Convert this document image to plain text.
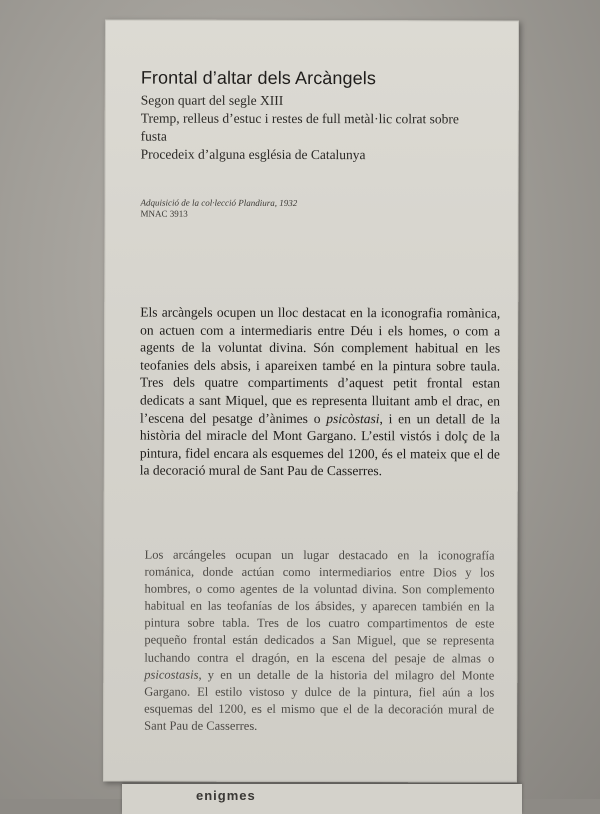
Frontal d’altar dels Arcàngels
Segon quart del segle XIII
Tremp, relleus d’estuc i restes de full metàl·lic colrat sobre fusta
Procedeix d’alguna església de Catalunya
Adquisició de la col·lecció Plandiura, 1932
MNAC 3913
Els arcàngels ocupen un lloc destacat en la iconografia romànica, on actuen com a intermediaris entre Déu i els homes, o com a agents de la voluntat divina. Són complement habitual en les teofanies dels absis, i apareixen també en la pintura sobre taula. Tres dels quatre compartiments d’aquest petit frontal estan dedicats a sant Miquel, que es representa lluitant amb el drac, en l’escena del pesatge d’ànimes o psicòstasi, i en un detall de la història del miracle del Mont Gargano. L’estil vistós i dolç de la pintura, fidel encara als esquemes del 1200, és el mateix que el de la decoració mural de Sant Pau de Casserres.
Los arcángeles ocupan un lugar destacado en la iconografía románica, donde actúan como intermediarios entre Dios y los hombres, o como agentes de la voluntad divina. Son complemento habitual en las teofanías de los ábsides, y aparecen también en la pintura sobre tabla. Tres de los cuatro compartimentos de este pequeño frontal están dedicados a San Miguel, que se representa luchando contra el dragón, en la escena del pesaje de almas o psicostasis, y en un detalle de la historia del milagro del Monte Gargano. El estilo vistoso y dulce de la pintura, fiel aún a los esquemas del 1200, es el mismo que el de la decoración mural de Sant Pau de Casserres.
enigmes
